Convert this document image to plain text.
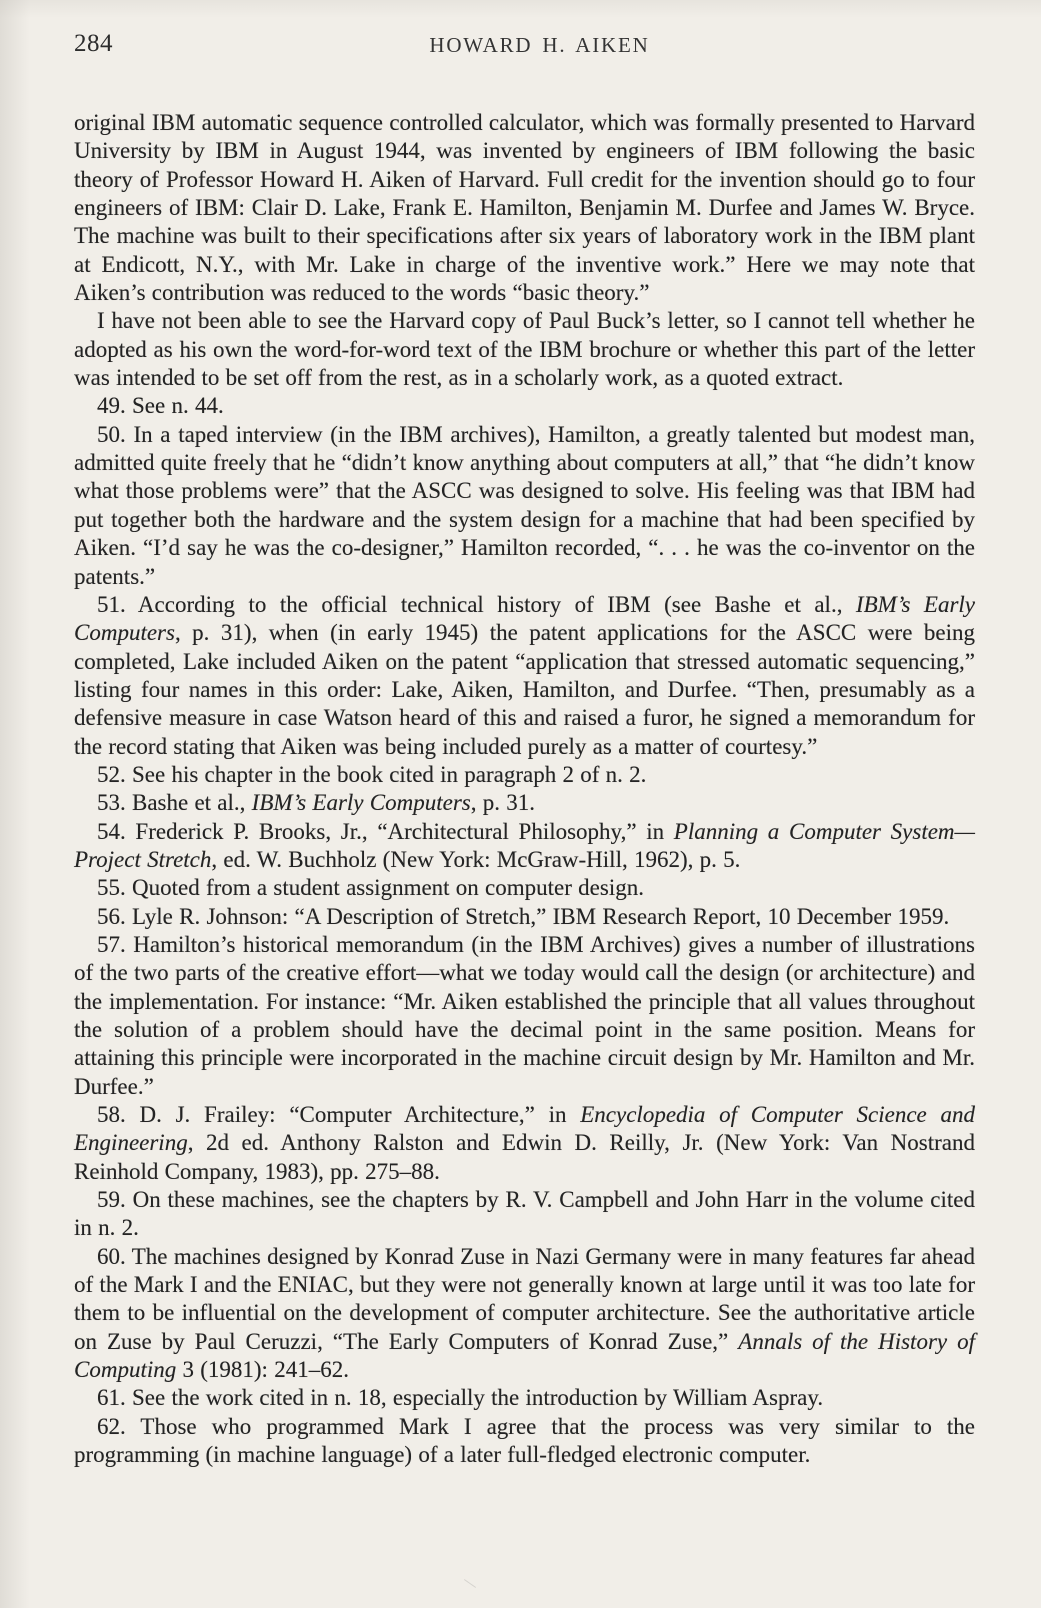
284	HOWARD H. AIKEN

original IBM automatic sequence controlled calculator, which was formally presented to Harvard University by IBM in August 1944, was invented by engineers of IBM following the basic theory of Professor Howard H. Aiken of Harvard. Full credit for the invention should go to four engineers of IBM: Clair D. Lake, Frank E. Hamilton, Benjamin M. Durfee and James W. Bryce. The machine was built to their specifications after six years of laboratory work in the IBM plant at Endicott, N.Y., with Mr. Lake in charge of the inventive work.” Here we may note that Aiken’s contribution was reduced to the words “basic theory.”

I have not been able to see the Harvard copy of Paul Buck’s letter, so I cannot tell whether he adopted as his own the word-for-word text of the IBM brochure or whether this part of the letter was intended to be set off from the rest, as in a scholarly work, as a quoted extract.

49. See n. 44.

50. In a taped interview (in the IBM archives), Hamilton, a greatly talented but modest man, admitted quite freely that he “didn’t know anything about computers at all,” that “he didn’t know what those problems were” that the ASCC was designed to solve. His feeling was that IBM had put together both the hardware and the system design for a machine that had been specified by Aiken. “I’d say he was the co-designer,” Hamilton recorded, “. . . he was the co-inventor on the patents.”

51. According to the official technical history of IBM (see Bashe et al., IBM’s Early Computers, p. 31), when (in early 1945) the patent applications for the ASCC were being completed, Lake included Aiken on the patent “application that stressed automatic sequencing,” listing four names in this order: Lake, Aiken, Hamilton, and Durfee. “Then, presumably as a defensive measure in case Watson heard of this and raised a furor, he signed a memorandum for the record stating that Aiken was being included purely as a matter of courtesy.”

52. See his chapter in the book cited in paragraph 2 of n. 2.

53. Bashe et al., IBM’s Early Computers, p. 31.

54. Frederick P. Brooks, Jr., “Architectural Philosophy,” in Planning a Computer System—Project Stretch, ed. W. Buchholz (New York: McGraw-Hill, 1962), p. 5.

55. Quoted from a student assignment on computer design.

56. Lyle R. Johnson: “A Description of Stretch,” IBM Research Report, 10 December 1959.

57. Hamilton’s historical memorandum (in the IBM Archives) gives a number of illustrations of the two parts of the creative effort—what we today would call the design (or architecture) and the implementation. For instance: “Mr. Aiken established the principle that all values throughout the solution of a problem should have the decimal point in the same position. Means for attaining this principle were incorporated in the machine circuit design by Mr. Hamilton and Mr. Durfee.”

58. D. J. Frailey: “Computer Architecture,” in Encyclopedia of Computer Science and Engineering, 2d ed. Anthony Ralston and Edwin D. Reilly, Jr. (New York: Van Nostrand Reinhold Company, 1983), pp. 275–88.

59. On these machines, see the chapters by R. V. Campbell and John Harr in the volume cited in n. 2.

60. The machines designed by Konrad Zuse in Nazi Germany were in many features far ahead of the Mark I and the ENIAC, but they were not generally known at large until it was too late for them to be influential on the development of computer architecture. See the authoritative article on Zuse by Paul Ceruzzi, “The Early Computers of Konrad Zuse,” Annals of the History of Computing 3 (1981): 241–62.

61. See the work cited in n. 18, especially the introduction by William Aspray.

62. Those who programmed Mark I agree that the process was very similar to the programming (in machine language) of a later full-fledged electronic computer.
